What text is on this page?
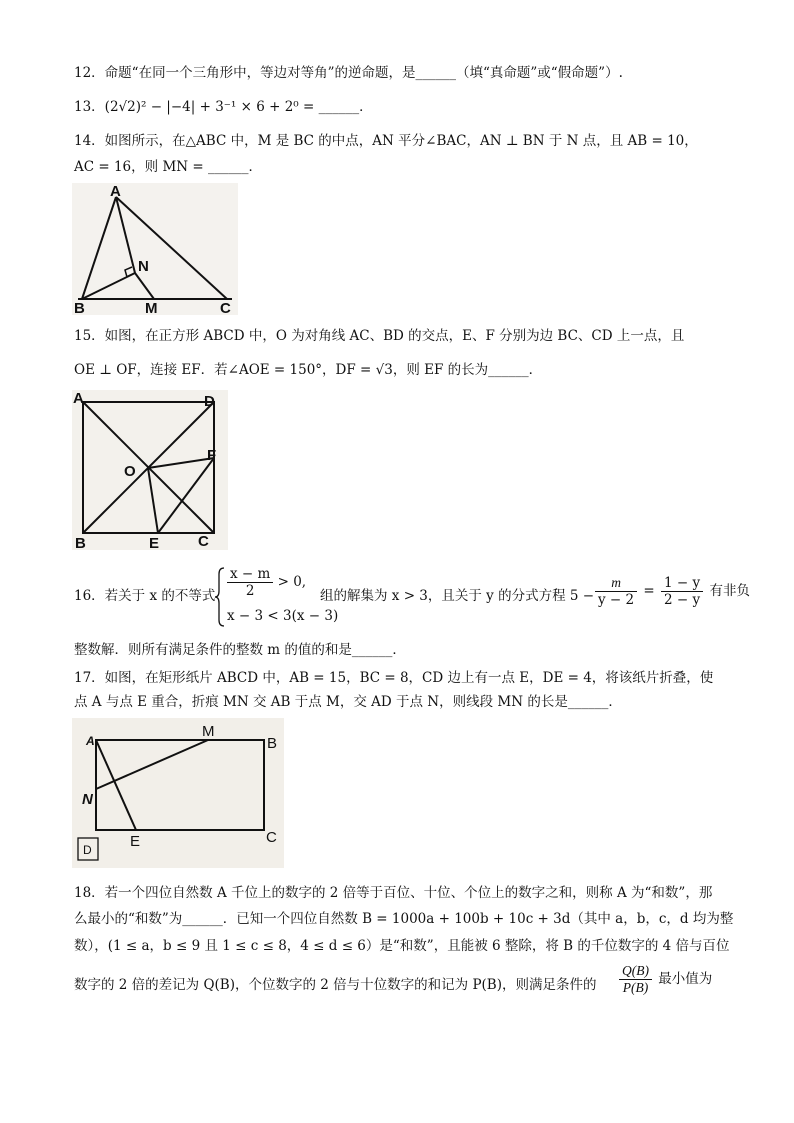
12．命题“在同一个三角形中，等边对等角”的逆命题，是______（填“真命题”或“假命题”）.
13．(2√2)² − |−4| + 3⁻¹ × 6 + 2⁰ = ______．
14．如图所示，在△ABC 中，M 是 BC 的中点，AN 平分∠BAC，AN ⊥ BN 于 N 点，且 AB = 10，
AC = 16，则 MN = ______．
A
B	C
M
N
15．如图，在正方形 ABCD 中，O 为对角线 AC、BD 的交点，E、F 分别为边 BC、CD 上一点，且
OE ⊥ OF，连接 EF．若∠AOE = 150°，DF = √3，则 EF 的长为______．
A	D
B	C
E
F
O
16．若关于 x 的不等式 $\frac{x - m}{2} > 0$,
x − 3 < 3(x − 3)
组的解集为 x > 3，且关于 y 的分式方程 $5 - \frac{m}{y - 2} = \frac{1 - y}{2 - y}$ 有非负
整数解．则所有满足条件的整数 m 的值的和是______．
17．如图，在矩形纸片 ABCD 中，AB = 15，BC = 8，CD 边上有一点 E，DE = 4，将该纸片折叠，使
点 A 与点 E 重合，折痕 MN 交 AB 于点 M，交 AD 于点 N，则线段 MN 的长是______．
D
A
M
B
N
C
E
18．若一个四位自然数 A 千位上的数字的 2 倍等于百位、十位、个位上的数字之和，则称 A 为“和数”，那
么最小的“和数”为______．已知一个四位自然数 B = 1000a + 100b + 10c + 3d（其中 a，b，c，d 均为整
数），(1 ≤ a，b ≤ 9 且 1 ≤ c ≤ 8，4 ≤ d ≤ 6）是“和数”，且能被 6 整除，将 B 的千位数字的 4 倍与百位
数字的 2 倍的差记为 Q(B)，个位数字的 2 倍与十位数字的和记为 P(B)，则满足条件的 $\frac{Q(B)}{P(B)}$ 最小值为
